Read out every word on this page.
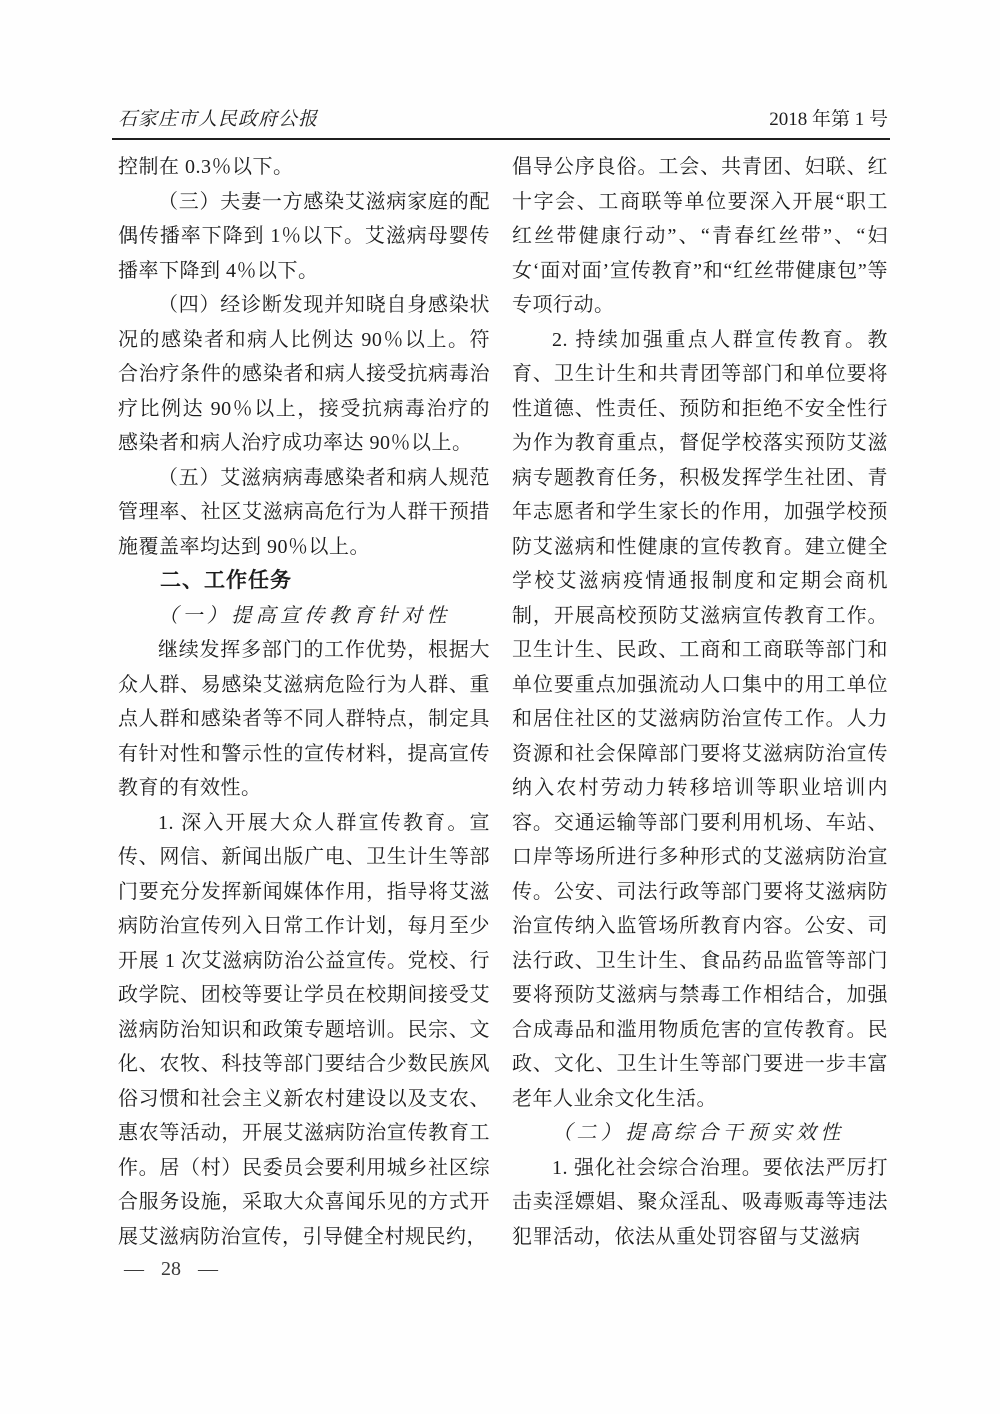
石家庄市人民政府公报	2018 年第 1 号

控制在 0.3％以下。

（三）夫妻一方感染艾滋病家庭的配偶传播率下降到 1％以下。艾滋病母婴传播率下降到 4％以下。

（四）经诊断发现并知晓自身感染状况的感染者和病人比例达 90％以上。符合治疗条件的感染者和病人接受抗病毒治疗比例达 90％以上，接受抗病毒治疗的感染者和病人治疗成功率达 90％以上。

（五）艾滋病病毒感染者和病人规范管理率、社区艾滋病高危行为人群干预措施覆盖率均达到 90％以上。

二、工作任务

（一）提高宣传教育针对性

继续发挥多部门的工作优势，根据大众人群、易感染艾滋病危险行为人群、重点人群和感染者等不同人群特点，制定具有针对性和警示性的宣传材料，提高宣传教育的有效性。

1. 深入开展大众人群宣传教育。宣传、网信、新闻出版广电、卫生计生等部门要充分发挥新闻媒体作用，指导将艾滋病防治宣传列入日常工作计划，每月至少开展 1 次艾滋病防治公益宣传。党校、行政学院、团校等要让学员在校期间接受艾滋病防治知识和政策专题培训。民宗、文化、农牧、科技等部门要结合少数民族风俗习惯和社会主义新农村建设以及支农、惠农等活动，开展艾滋病防治宣传教育工作。居（村）民委员会要利用城乡社区综合服务设施，采取大众喜闻乐见的方式开展艾滋病防治宣传，引导健全村规民约，

倡导公序良俗。工会、共青团、妇联、红十字会、工商联等单位要深入开展“职工红丝带健康行动”、“青春红丝带”、“妇女‘面对面’宣传教育”和“红丝带健康包”等专项行动。

2. 持续加强重点人群宣传教育。教育、卫生计生和共青团等部门和单位要将性道德、性责任、预防和拒绝不安全性行为作为教育重点，督促学校落实预防艾滋病专题教育任务，积极发挥学生社团、青年志愿者和学生家长的作用，加强学校预防艾滋病和性健康的宣传教育。建立健全学校艾滋病疫情通报制度和定期会商机制，开展高校预防艾滋病宣传教育工作。卫生计生、民政、工商和工商联等部门和单位要重点加强流动人口集中的用工单位和居住社区的艾滋病防治宣传工作。人力资源和社会保障部门要将艾滋病防治宣传纳入农村劳动力转移培训等职业培训内容。交通运输等部门要利用机场、车站、口岸等场所进行多种形式的艾滋病防治宣传。公安、司法行政等部门要将艾滋病防治宣传纳入监管场所教育内容。公安、司法行政、卫生计生、食品药品监管等部门要将预防艾滋病与禁毒工作相结合，加强合成毒品和滥用物质危害的宣传教育。民政、文化、卫生计生等部门要进一步丰富老年人业余文化生活。

（二）提高综合干预实效性

1. 强化社会综合治理。要依法严厉打击卖淫嫖娼、聚众淫乱、吸毒贩毒等违法犯罪活动，依法从重处罚容留与艾滋病

— 28 —
